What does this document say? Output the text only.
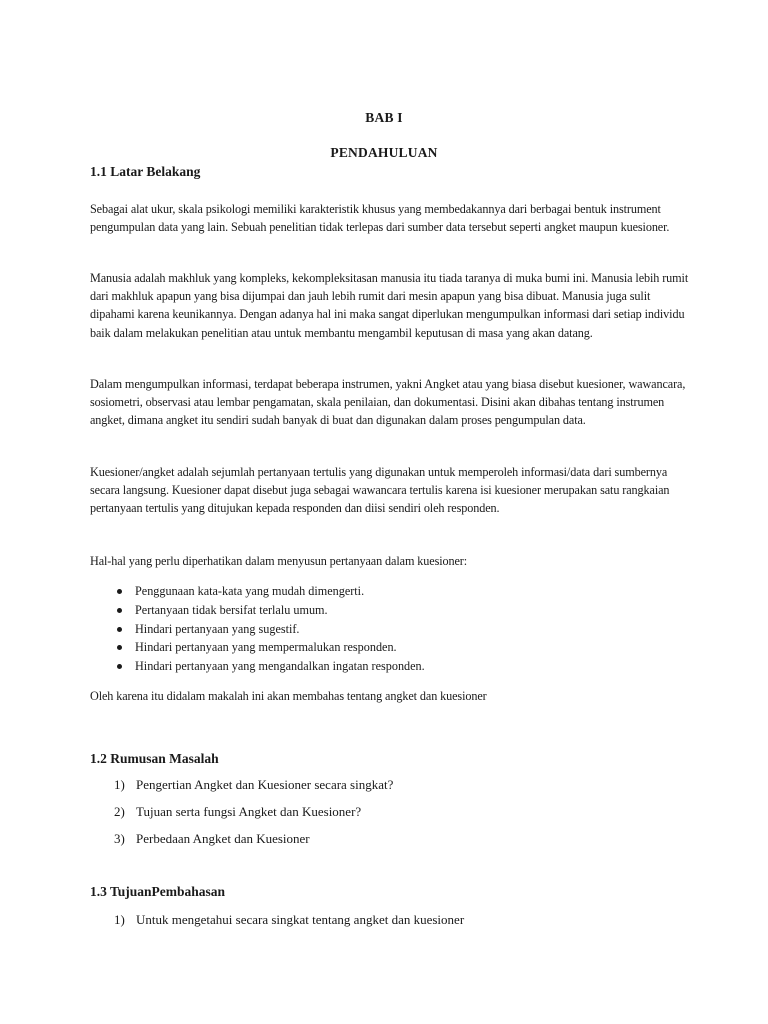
BAB I
PENDAHULUAN
1.1 Latar Belakang

Sebagai alat ukur, skala psikologi memiliki karakteristik khusus yang membedakannya dari berbagai bentuk instrument pengumpulan data yang lain. Sebuah penelitian tidak terlepas dari sumber data tersebut seperti angket maupun kuesioner.

Manusia adalah makhluk yang kompleks, kekompleksitasan manusia itu tiada taranya di muka bumi ini. Manusia lebih rumit dari makhluk apapun yang bisa dijumpai dan jauh lebih rumit dari mesin apapun yang bisa dibuat. Manusia juga sulit dipahami karena keunikannya. Dengan adanya hal ini maka sangat diperlukan mengumpulkan informasi dari setiap individu baik dalam melakukan penelitian atau untuk membantu mengambil keputusan di masa yang akan datang.

Dalam mengumpulkan informasi, terdapat beberapa instrumen, yakni Angket atau yang biasa disebut kuesioner, wawancara, sosiometri, observasi atau lembar pengamatan, skala penilaian, dan dokumentasi. Disini akan dibahas tentang instrumen angket, dimana angket itu sendiri sudah banyak di buat dan digunakan dalam proses pengumpulan data.

Kuesioner/angket adalah sejumlah pertanyaan tertulis yang digunakan untuk memperoleh informasi/data dari sumbernya secara langsung. Kuesioner dapat disebut juga sebagai wawancara tertulis karena isi kuesioner merupakan satu rangkaian pertanyaan tertulis yang ditujukan kepada responden dan diisi sendiri oleh responden.

Hal-hal yang perlu diperhatikan dalam menyusun pertanyaan dalam kuesioner:

Penggunaan kata-kata yang mudah dimengerti.
Pertanyaan tidak bersifat terlalu umum.
Hindari pertanyaan yang sugestif.
Hindari pertanyaan yang mempermalukan responden.
Hindari pertanyaan yang mengandalkan ingatan responden.

Oleh karena itu didalam makalah ini akan membahas tentang angket dan kuesioner

1.2 Rumusan Masalah
1) Pengertian Angket dan Kuesioner secara singkat?
2) Tujuan serta fungsi Angket dan Kuesioner?
3) Perbedaan Angket dan Kuesioner
1.3 TujuanPembahasan
1) Untuk mengetahui secara singkat tentang angket dan kuesioner
